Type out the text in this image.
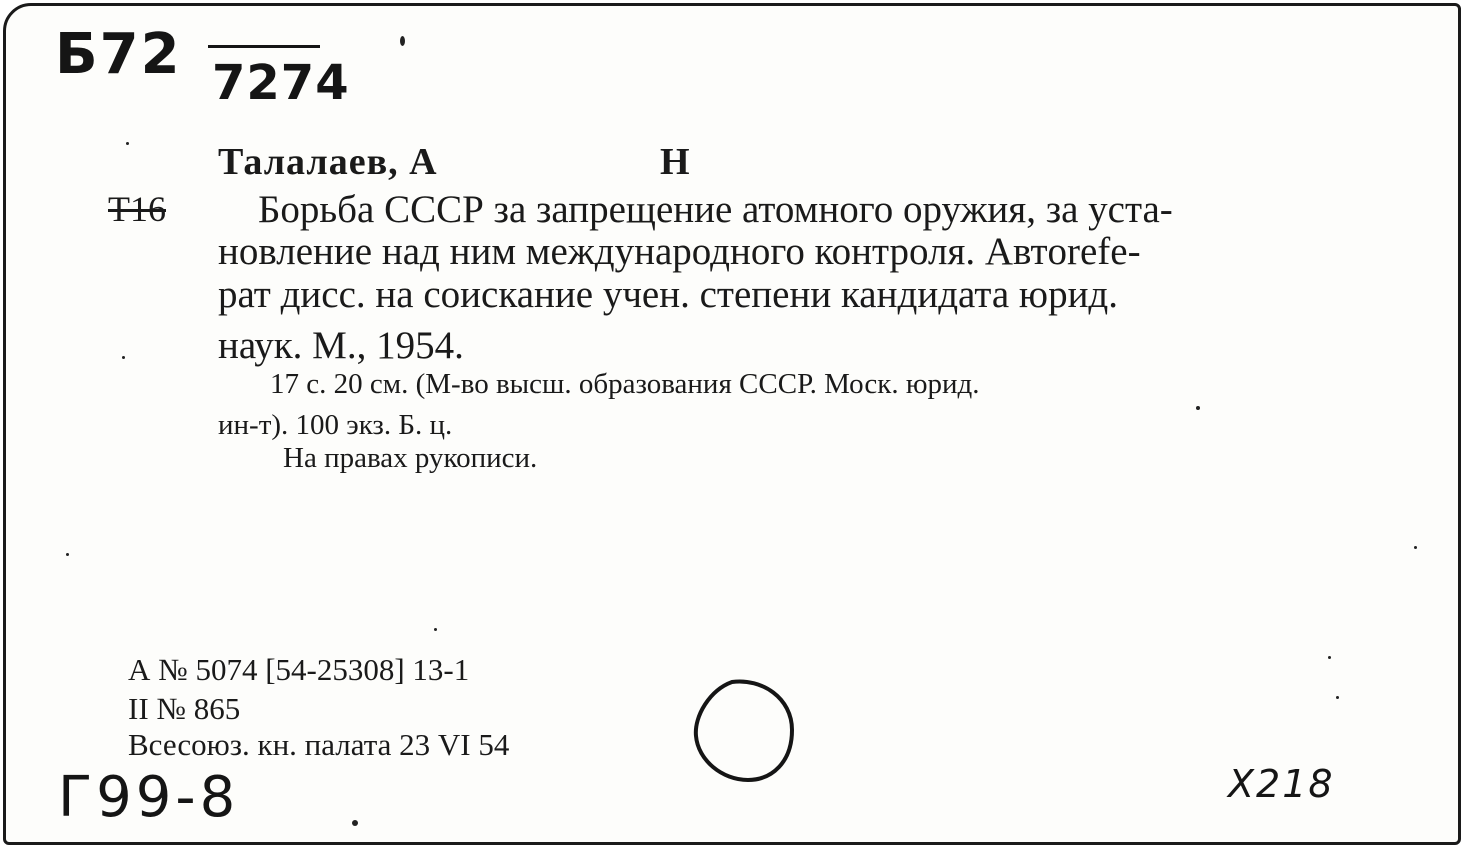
Б72 7274

Талалаев, А	Н

Т16 Борьба СССР за запрещение атомного оружия, за уста-

новление над ним международного контроля. Автorefe-

рат дисс. на соискание учен. степени кандидата юрид.

наук. М., 1954.

17 с. 20 см. (М-во высш. образования СССР. Моск. юрид.

ин-т). 100 экз. Б. ц.

На правах рукописи.

А № 5074 [54-25308] 13-1

II № 865

Всесоюз. кн. палата 23 VI 54

Г99-8	Х218
